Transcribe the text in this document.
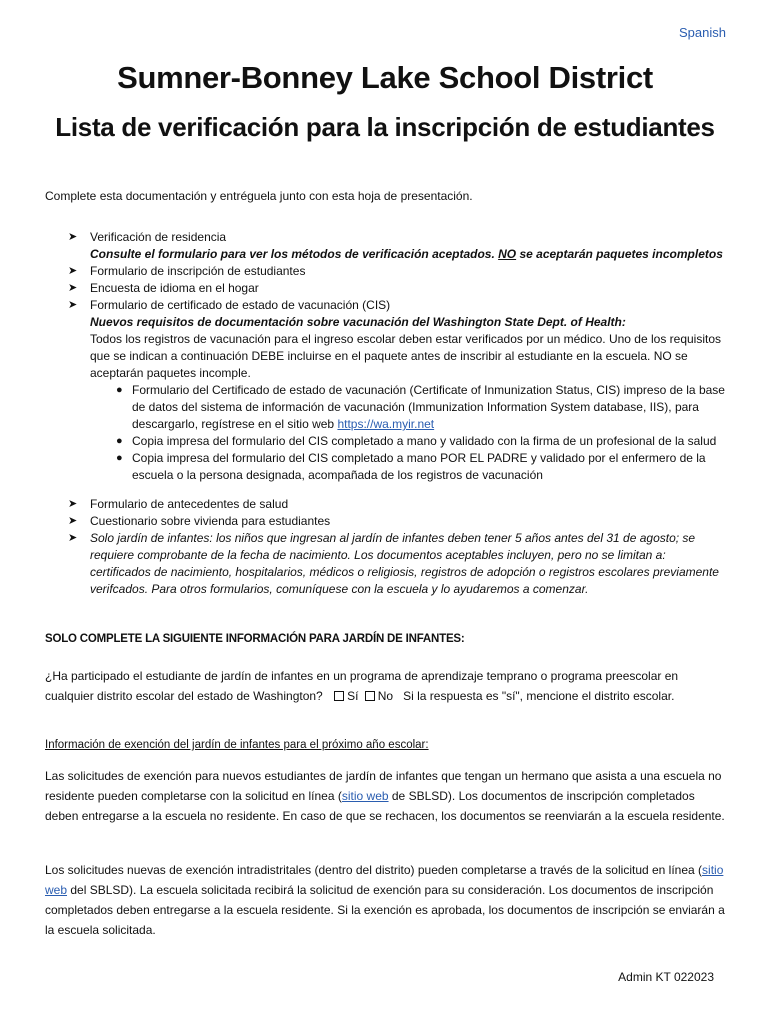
Spanish
Sumner-Bonney Lake School District
Lista de verificación para la inscripción de estudiantes
Complete esta documentación y entréguela junto con esta hoja de presentación.
➤ Verificación de residencia
Consulte el formulario para ver los métodos de verificación aceptados. NO se aceptarán paquetes incompletos
➤ Formulario de inscripción de estudiantes
➤ Encuesta de idioma en el hogar
➤ Formulario de certificado de estado de vacunación (CIS)
Nuevos requisitos de documentación sobre vacunación del Washington State Dept. of Health:
Todos los registros de vacunación para el ingreso escolar deben estar verificados por un médico. Uno de los requisitos que se indican a continuación DEBE incluirse en el paquete antes de inscribir al estudiante en la escuela. NO se aceptarán paquetes incomple.
● Formulario del Certificado de estado de vacunación (Certificate of Inmunization Status, CIS) impreso de la base de datos del sistema de información de vacunación (Immunization Information System database, IIS), para descargarlo, regístrese en el sitio web https://wa.myir.net
● Copia impresa del formulario del CIS completado a mano y validado con la firma de un profesional de la salud
● Copia impresa del formulario del CIS completado a mano POR EL PADRE y validado por el enfermero de la escuela o la persona designada, acompañada de los registros de vacunación
➤ Formulario de antecedentes de salud
➤ Cuestionario sobre vivienda para estudiantes
➤ Solo jardín de infantes: los niños que ingresan al jardín de infantes deben tener 5 años antes del 31 de agosto; se requiere comprobante de la fecha de nacimiento. Los documentos aceptables incluyen, pero no se limitan a: certificados de nacimiento, hospitalarios, médicos o religiosis, registros de adopción o registros escolares previamente verifcados. Para otros formularios, comuníquese con la escuela y lo ayudaremos a comenzar.
SOLO COMPLETE LA SIGUIENTE INFORMACIÓN PARA JARDÍN DE INFANTES:
¿Ha participado el estudiante de jardín de infantes en un programa de aprendizaje temprano o programa preescolar en cualquier distrito escolar del estado de Washington? Sí No Si la respuesta es "sí", mencione el distrito escolar.
Información de exención del jardín de infantes para el próximo año escolar:
Las solicitudes de exención para nuevos estudiantes de jardín de infantes que tengan un hermano que asista a una escuela no residente pueden completarse con la solicitud en línea (sitio web de SBLSD). Los documentos de inscripción completados deben entregarse a la escuela no residente. En caso de que se rechacen, los documentos se reenviarán a la escuela residente.
Los solicitudes nuevas de exención intradistritales (dentro del distrito) pueden completarse a través de la solicitud en línea (sitio web del SBLSD). La escuela solicitada recibirá la solicitud de exención para su consideración. Los documentos de inscripción completados deben entregarse a la escuela residente. Si la exención es aprobada, los documentos de inscripción se enviarán a la escuela solicitada.
Admin KT 022023
